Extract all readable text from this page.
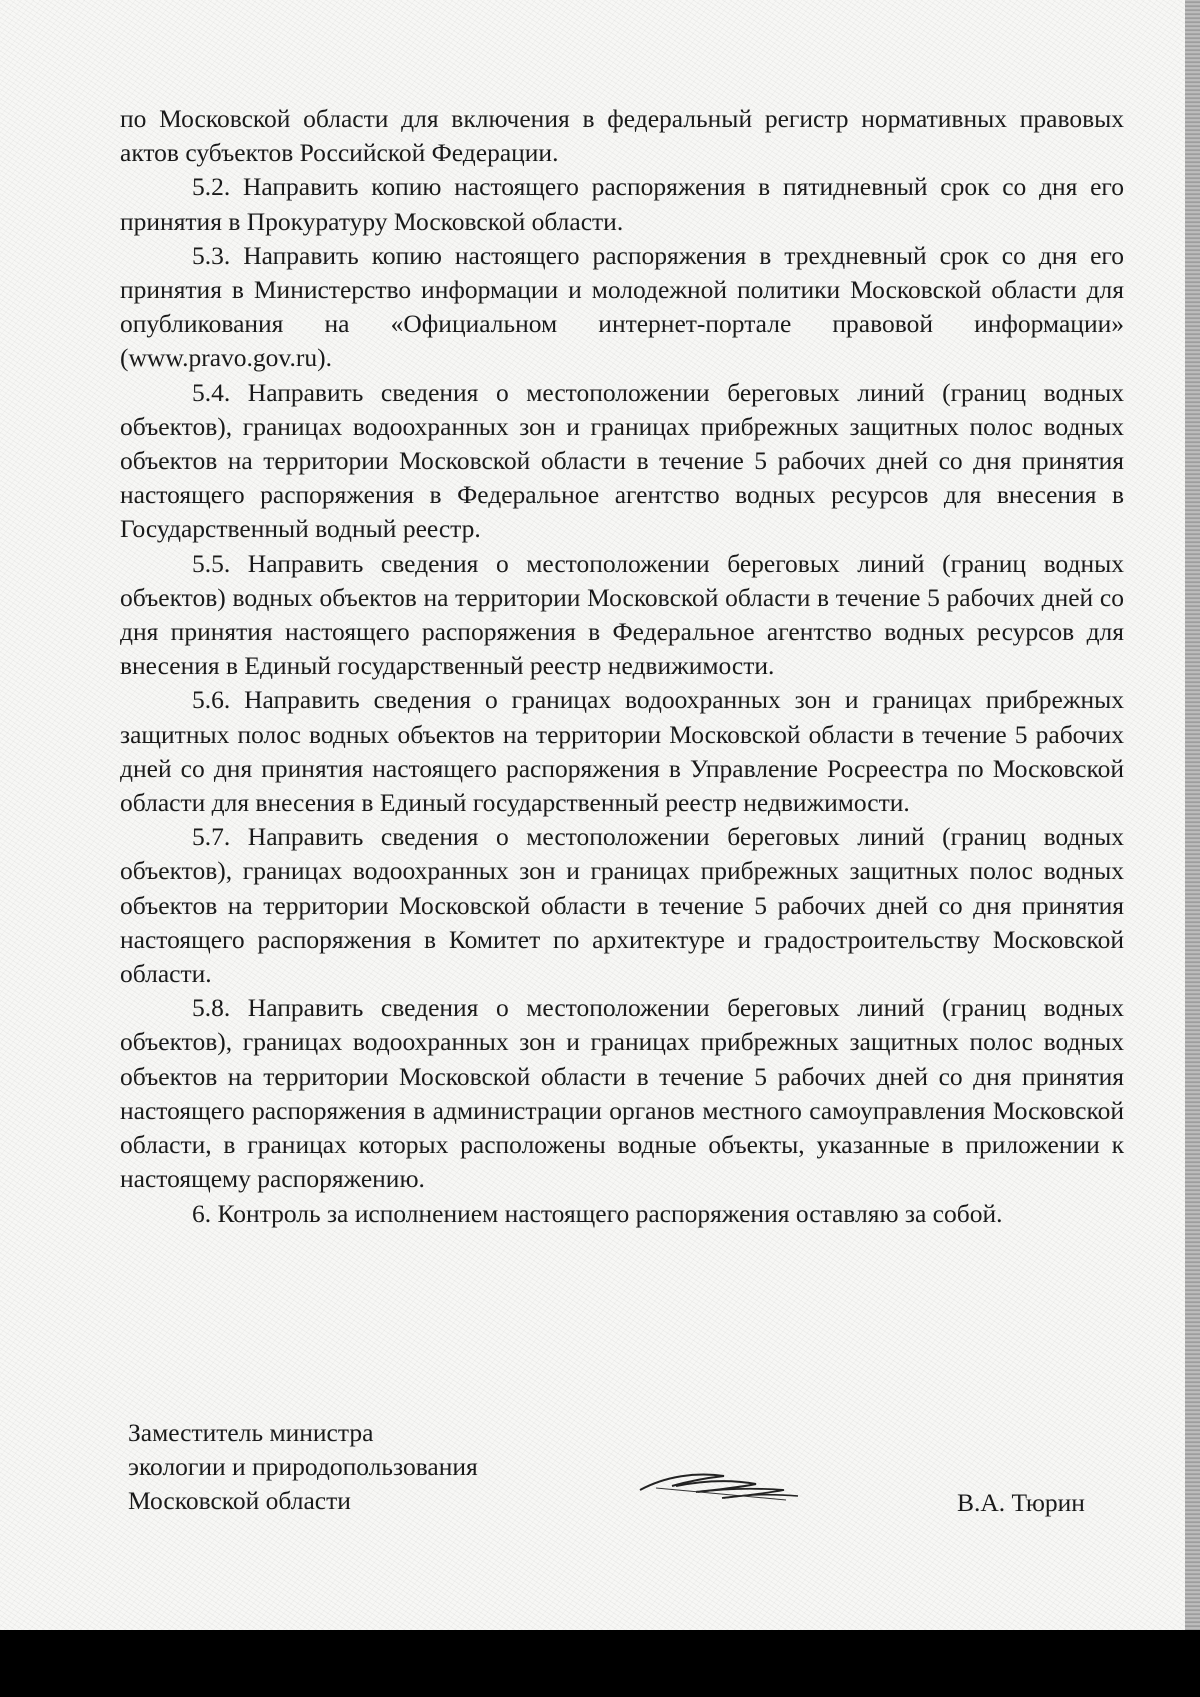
по Московской области для включения в федеральный регистр нормативных правовых актов субъектов Российской Федерации.

5.2. Направить копию настоящего распоряжения в пятидневный срок со дня его принятия в Прокуратуру Московской области.

5.3. Направить копию настоящего распоряжения в трехдневный срок со дня его принятия в Министерство информации и молодежной политики Московской области для опубликования на «Официальном интернет-портале правовой информации» (www.pravo.gov.ru).

5.4. Направить сведения о местоположении береговых линий (границ водных объектов), границах водоохранных зон и границах прибрежных защитных полос водных объектов на территории Московской области в течение 5 рабочих дней со дня принятия настоящего распоряжения в Федеральное агентство водных ресурсов для внесения в Государственный водный реестр.

5.5. Направить сведения о местоположении береговых линий (границ водных объектов) водных объектов на территории Московской области в течение 5 рабочих дней со дня принятия настоящего распоряжения в Федеральное агентство водных ресурсов для внесения в Единый государственный реестр недвижимости.

5.6. Направить сведения о границах водоохранных зон и границах прибрежных защитных полос водных объектов на территории Московской области в течение 5 рабочих дней со дня принятия настоящего распоряжения в Управление Росреестра по Московской области для внесения в Единый государственный реестр недвижимости.

5.7. Направить сведения о местоположении береговых линий (границ водных объектов), границах водоохранных зон и границах прибрежных защитных полос водных объектов на территории Московской области в течение 5 рабочих дней со дня принятия настоящего распоряжения в Комитет по архитектуре и градостроительству Московской области.

5.8. Направить сведения о местоположении береговых линий (границ водных объектов), границах водоохранных зон и границах прибрежных защитных полос водных объектов на территории Московской области в течение 5 рабочих дней со дня принятия настоящего распоряжения в администрации органов местного самоуправления Московской области, в границах которых расположены водные объекты, указанные в приложении к настоящему распоряжению.

6. Контроль за исполнением настоящего распоряжения оставляю за собой.

Заместитель министра
экологии и природопользования
Московской области	В.А. Тюрин
